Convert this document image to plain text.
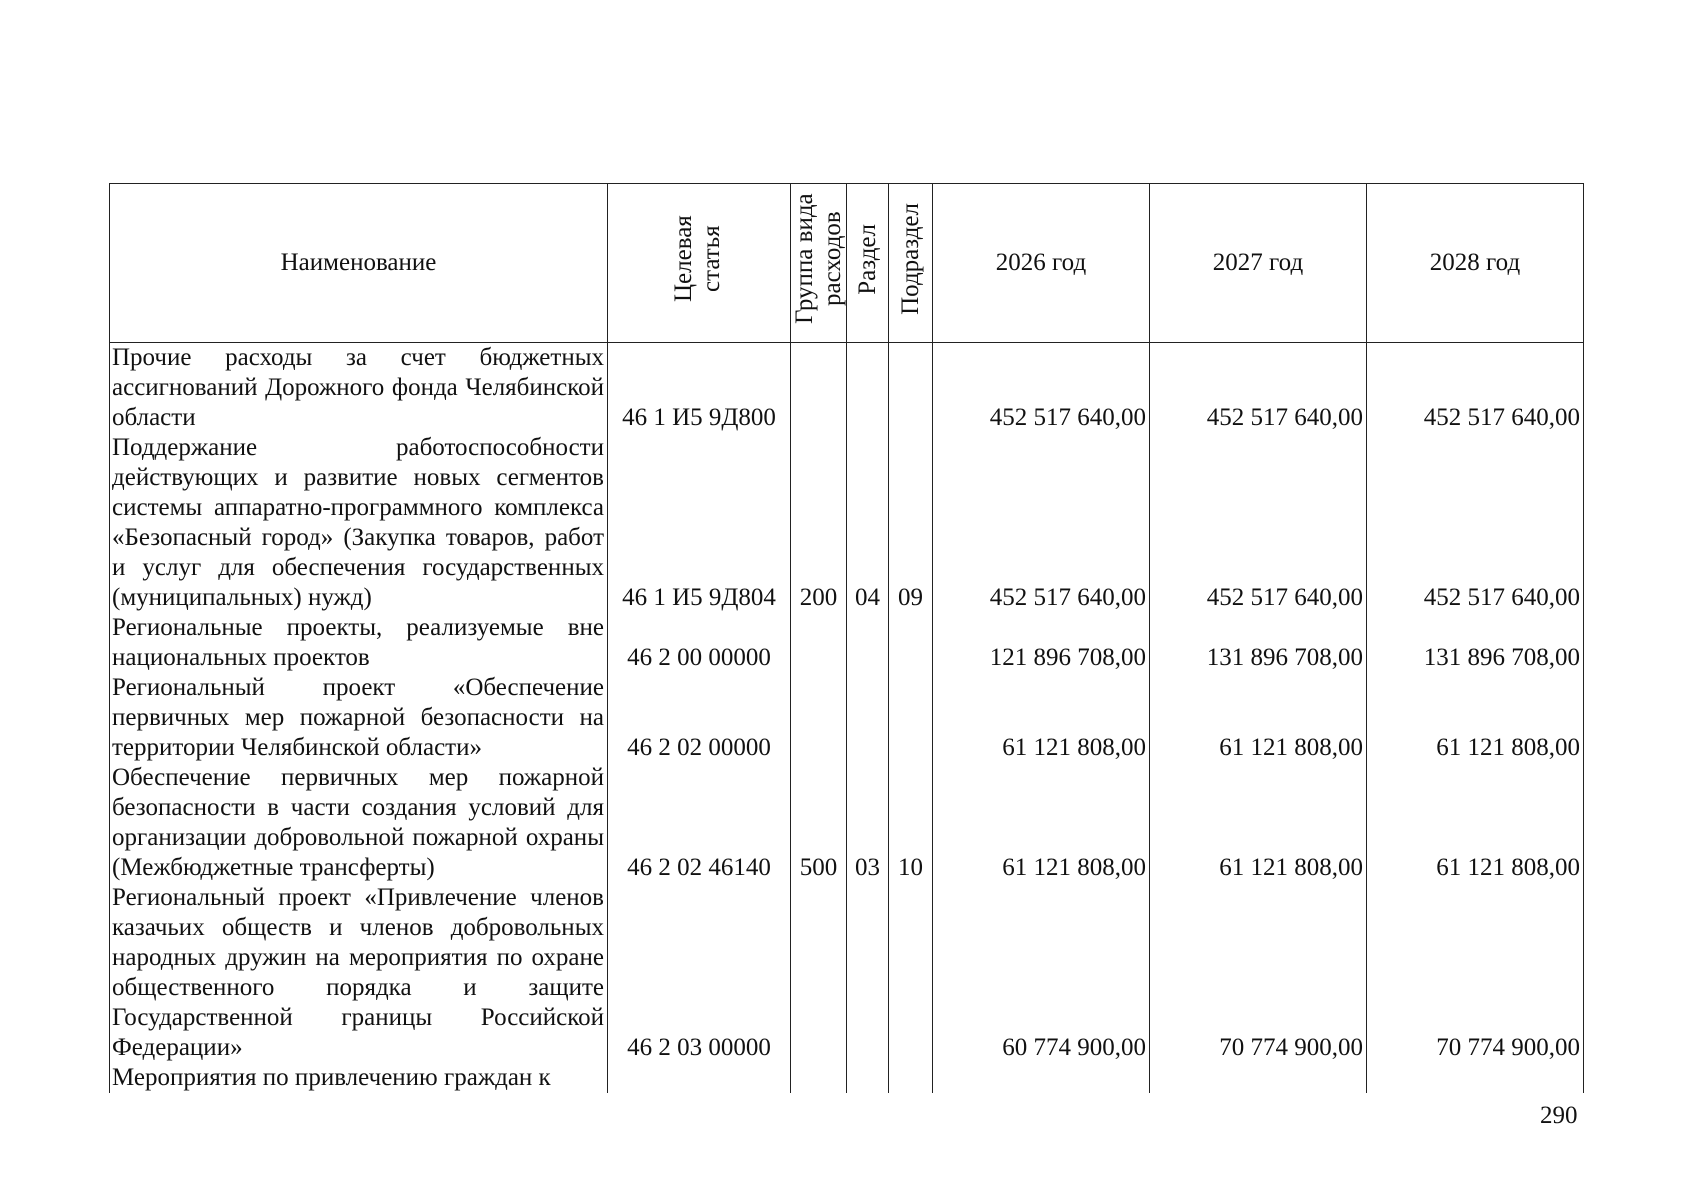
Наименование	Целевая статья	Группа вида расходов	Раздел	Подраздел	2026 год	2027 год	2028 год
Прочие расходы за счет бюджетных ассигнований Дорожного фонда Челябинской области	46 1 И5 9Д800				452 517 640,00	452 517 640,00	452 517 640,00
Поддержание работоспособности действующих и развитие новых сегментов системы аппаратно-программного комплекса «Безопасный город» (Закупка товаров, работ и услуг для обеспечения государственных (муниципальных) нужд)	46 1 И5 9Д804	200	04	09	452 517 640,00	452 517 640,00	452 517 640,00
Региональные проекты, реализуемые вне национальных проектов	46 2 00 00000				121 896 708,00	131 896 708,00	131 896 708,00
Региональный проект «Обеспечение первичных мер пожарной безопасности на территории Челябинской области»	46 2 02 00000				61 121 808,00	61 121 808,00	61 121 808,00
Обеспечение первичных мер пожарной безопасности в части создания условий для организации добровольной пожарной охраны (Межбюджетные трансферты)	46 2 02 46140	500	03	10	61 121 808,00	61 121 808,00	61 121 808,00
Региональный проект «Привлечение членов казачьих обществ и членов добровольных народных дружин на мероприятия по охране общественного порядка и защите Государственной границы Российской Федерации»	46 2 03 00000				60 774 900,00	70 774 900,00	70 774 900,00
Мероприятия по привлечению граждан к							
290
